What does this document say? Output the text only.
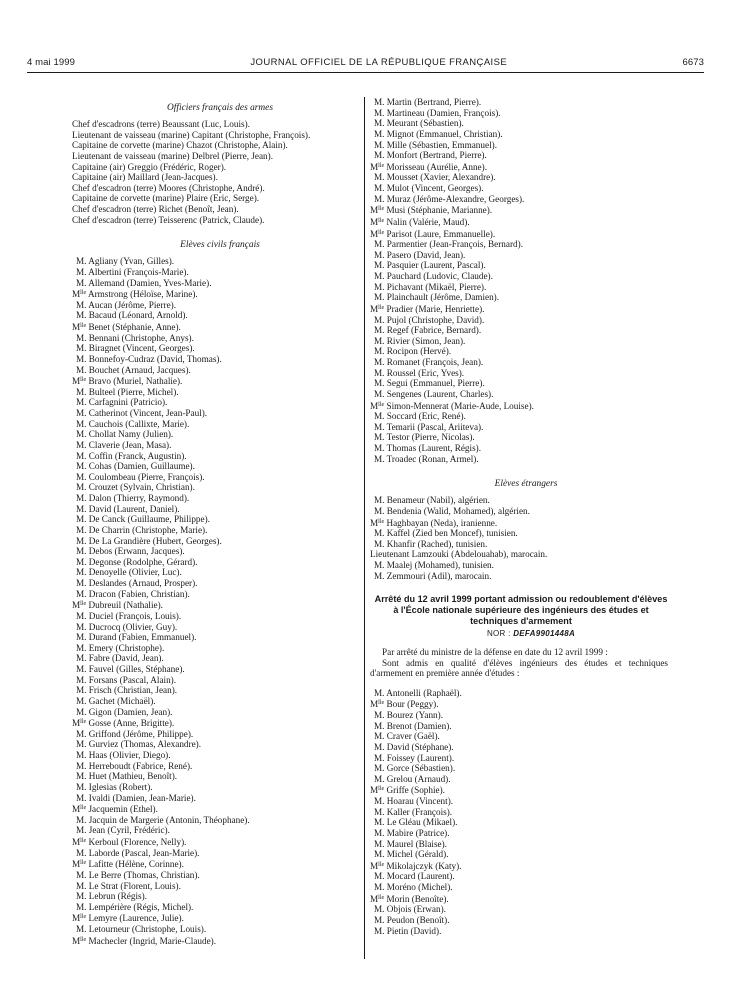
4 mai 1999	JOURNAL OFFICIEL DE LA RÉPUBLIQUE FRANÇAISE	6673

Officiers français des armes

Chef d'escadrons (terre) Beaussant (Luc, Louis).
Lieutenant de vaisseau (marine) Capitant (Christophe, François).
Capitaine de corvette (marine) Chazot (Christophe, Alain).
Lieutenant de vaisseau (marine) Delbrel (Pierre, Jean).
Capitaine (air) Greggio (Frédéric, Roger).
Capitaine (air) Maillard (Jean-Jacques).
Chef d'escadron (terre) Moores (Christophe, André).
Capitaine de corvette (marine) Plaire (Eric, Serge).
Chef d'escadron (terre) Richet (Benoît, Jean).
Chef d'escadron (terre) Teisserenc (Patrick, Claude).

Elèves civils français

M. Agliany (Yvan, Gilles).
M. Albertini (François-Marie).
M. Allemand (Damien, Yves-Marie).
$M^{lle}$ Armstrong (Héloïse, Marine).
M. Aucan (Jérôme, Pierre).
M. Bacaud (Léonard, Arnold).
$M^{lle}$ Benet (Stéphanie, Anne).
M. Bennani (Christophe, Anys).
M. Biragnet (Vincent, Georges).
M. Bonnefoy-Cudraz (David, Thomas).
M. Bouchet (Arnaud, Jacques).
$M^{lle}$ Bravo (Muriel, Nathalie).
M. Bulteel (Pierre, Michel).
M. Carfagnini (Patricio).
M. Catherinot (Vincent, Jean-Paul).
M. Cauchois (Callixte, Marie).
M. Chollat Namy (Julien).
M. Claverie (Jean, Masa).
M. Coffin (Franck, Augustin).
M. Cohas (Damien, Guillaume).
M. Coulombeau (Pierre, François).
M. Crouzet (Sylvain, Christian).
M. Dalon (Thierry, Raymond).
M. David (Laurent, Daniel).
M. De Canck (Guillaume, Philippe).
M. De Charrin (Christophe, Marie).
M. De La Grandière (Hubert, Georges).
M. Debos (Erwann, Jacques).
M. Degonse (Rodolphe, Gérard).
M. Denoyelle (Olivier, Luc).
M. Deslandes (Arnaud, Prosper).
M. Dracon (Fabien, Christian).
$M^{lle}$ Dubreuil (Nathalie).
M. Duciel (François, Louis).
M. Ducrocq (Olivier, Guy).
M. Durand (Fabien, Emmanuel).
M. Emery (Christophe).
M. Fabre (David, Jean).
M. Fauvel (Gilles, Stéphane).
M. Forsans (Pascal, Alain).
M. Frisch (Christian, Jean).
M. Gachet (Michaël).
M. Gigon (Damien, Jean).
$M^{lle}$ Gosse (Anne, Brigitte).
M. Griffond (Jérôme, Philippe).
M. Gurviez (Thomas, Alexandre).
M. Haas (Olivier, Diego).
M. Herreboudt (Fabrice, René).
M. Huet (Mathieu, Benoît).
M. Iglesias (Robert).
M. Ivaldi (Damien, Jean-Marie).
$M^{lle}$ Jacquemin (Ethel).
M. Jacquin de Margerie (Antonin, Théophane).
M. Jean (Cyril, Frédéric).
$M^{lle}$ Kerboul (Florence, Nelly).
M. Laborde (Pascal, Jean-Marie).
$M^{lle}$ Lafitte (Hélène, Corinne).
M. Le Berre (Thomas, Christian).
M. Le Strat (Florent, Louis).
M. Lebrun (Régis).
M. Lempérière (Régis, Michel).
$M^{lle}$ Lemyre (Laurence, Julie).
M. Letourneur (Christophe, Louis).
$M^{lle}$ Machecler (Ingrid, Marie-Claude).
M. Martin (Bertrand, Pierre).
M. Martineau (Damien, François).
M. Meurant (Sébastien).
M. Mignot (Emmanuel, Christian).
M. Mille (Sébastien, Emmanuel).
M. Monfort (Bertrand, Pierre).
$M^{lle}$ Morisseau (Aurélie, Anne).
M. Mousset (Xavier, Alexandre).
M. Mulot (Vincent, Georges).
M. Muraz (Jérôme-Alexandre, Georges).
$M^{lle}$ Musi (Stéphanie, Marianne).
$M^{lle}$ Nalin (Valérie, Maud).
$M^{lle}$ Parisot (Laure, Emmanuelle).
M. Parmentier (Jean-François, Bernard).
M. Pasero (David, Jean).
M. Pasquier (Laurent, Pascal).
M. Pauchard (Ludovic, Claude).
M. Pichavant (Mikaël, Pierre).
M. Plainchault (Jérôme, Damien).
$M^{lle}$ Pradier (Marie, Henriette).
M. Pujol (Christophe, David).
M. Regef (Fabrice, Bernard).
M. Rivier (Simon, Jean).
M. Rocipon (Hervé).
M. Romanet (François, Jean).
M. Roussel (Eric, Yves).
M. Segui (Emmanuel, Pierre).
M. Sengenes (Laurent, Charles).
$M^{lle}$ Simon-Mennerat (Marie-Aude, Louise).
M. Soccard (Eric, René).
M. Temarii (Pascal, Ariiteva).
M. Testor (Pierre, Nicolas).
M. Thomas (Laurent, Régis).
M. Troadec (Ronan, Armel).

Elèves étrangers

M. Benameur (Nabil), algérien.
M. Bendenia (Walid, Mohamed), algérien.
$M^{lle}$ Haghbayan (Neda), iranienne.
M. Kaffel (Zied ben Moncef), tunisien.
M. Khanfir (Rached), tunisien.
Lieutenant Lamzouki (Abdelouahab), marocain.
M. Maalej (Mohamed), tunisien.
M. Zemmouri (Adil), marocain.

Arrêté du 12 avril 1999 portant admission ou redoublement d'élèves à l'École nationale supérieure des ingénieurs des études et techniques d'armement

NOR : DEFA9901448A

Par arrêté du ministre de la défense en date du 12 avril 1999 :

Sont admis en qualité d'élèves ingénieurs des études et techniques d'armement en première année d'études :

M. Antonelli (Raphaël).
$M^{lle}$ Bour (Peggy).
M. Bourez (Yann).
M. Brenot (Damien).
M. Craver (Gaël).
M. David (Stéphane).
M. Foissey (Laurent).
M. Gorce (Sébastien).
M. Grelou (Arnaud).
$M^{lle}$ Griffe (Sophie).
M. Hoarau (Vincent).
M. Kaller (François).
M. Le Gléau (Mikael).
M. Mabire (Patrice).
M. Maurel (Blaise).
M. Michel (Gérald).
$M^{lle}$ Mikolajczyk (Katy).
M. Mocard (Laurent).
M. Moréno (Michel).
$M^{lle}$ Morin (Benoîte).
M. Objois (Erwan).
M. Peudon (Benoît).
M. Pietin (David).
